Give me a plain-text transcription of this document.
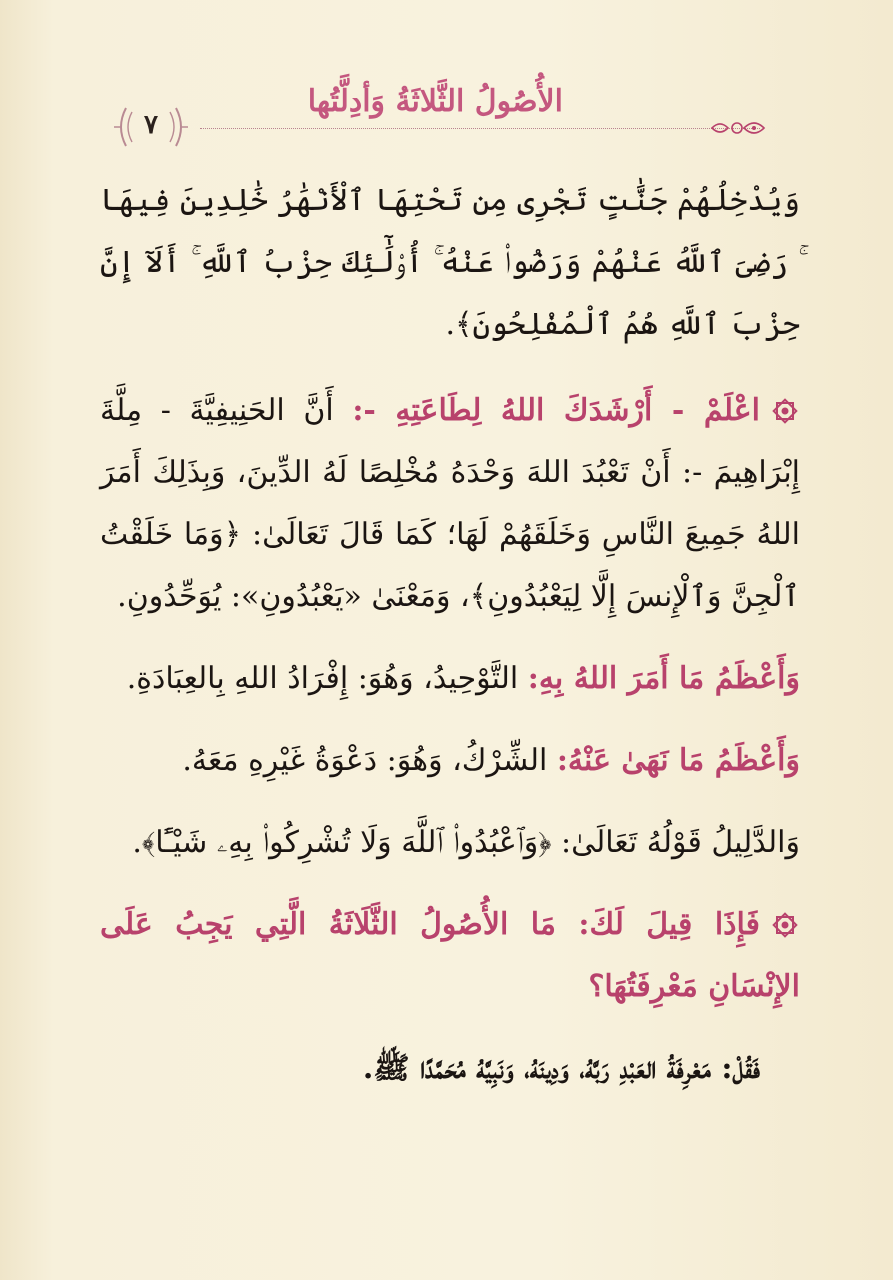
الأُصُولُ الثَّلاثَةُ وَأدِلَّتُها
٧

وَيُدْخِلُهُمْ جَنَّٰتٍ تَجْرِى مِن تَحْتِهَا ٱلْأَنْهَٰرُ خَٰلِدِينَ فِيهَا ۚ رَضِىَ ٱللَّهُ عَنْهُمْ وَرَضُوا۟ عَنْهُ ۚ أُو۟لَٰٓئِكَ حِزْبُ ٱللَّهِ ۚ أَلَآ إِنَّ حِزْبَ ٱللَّهِ هُمُ ٱلْمُفْلِحُونَ﴾.

اعْلَمْ - أَرْشَدَكَ اللهُ لِطَاعَتِهِ -: أَنَّ الحَنِيفِيَّةَ - مِلَّةَ إِبْرَاهِيمَ -: أَنْ تَعْبُدَ اللهَ وَحْدَهُ مُخْلِصًا لَهُ الدِّينَ، وَبِذَلِكَ أَمَرَ اللهُ جَمِيعَ النَّاسِ وَخَلَقَهُمْ لَهَا؛ كَمَا قَالَ تَعَالَىٰ: ﴿وَمَا خَلَقْتُ ٱلْجِنَّ وَٱلْإِنسَ إِلَّا لِيَعْبُدُونِ﴾، وَمَعْنَىٰ «يَعْبُدُونِ»: يُوَحِّدُونِ.

وَأَعْظَمُ مَا أَمَرَ اللهُ بِهِ: التَّوْحِيدُ، وَهُوَ: إِفْرَادُ اللهِ بِالعِبَادَةِ.

وَأَعْظَمُ مَا نَهَىٰ عَنْهُ: الشِّرْكُ، وَهُوَ: دَعْوَةُ غَيْرِهِ مَعَهُ.

وَالدَّلِيلُ قَوْلُهُ تَعَالَىٰ: ﴿وَٱعْبُدُوا۟ ٱللَّهَ وَلَا تُشْرِكُوا۟ بِهِۦ شَيْـًٔا﴾.

فَإِذَا قِيلَ لَكَ: مَا الأُصُولُ الثَّلَاثَةُ الَّتِي يَجِبُ عَلَى الإِنْسَانِ مَعْرِفَتُهَا؟

فَقُلْ: مَعْرِفَةُ العَبْدِ رَبَّهُ، وَدِينَهُ، وَنَبِيَّهُ مُحَمَّدًا ﷺ.
